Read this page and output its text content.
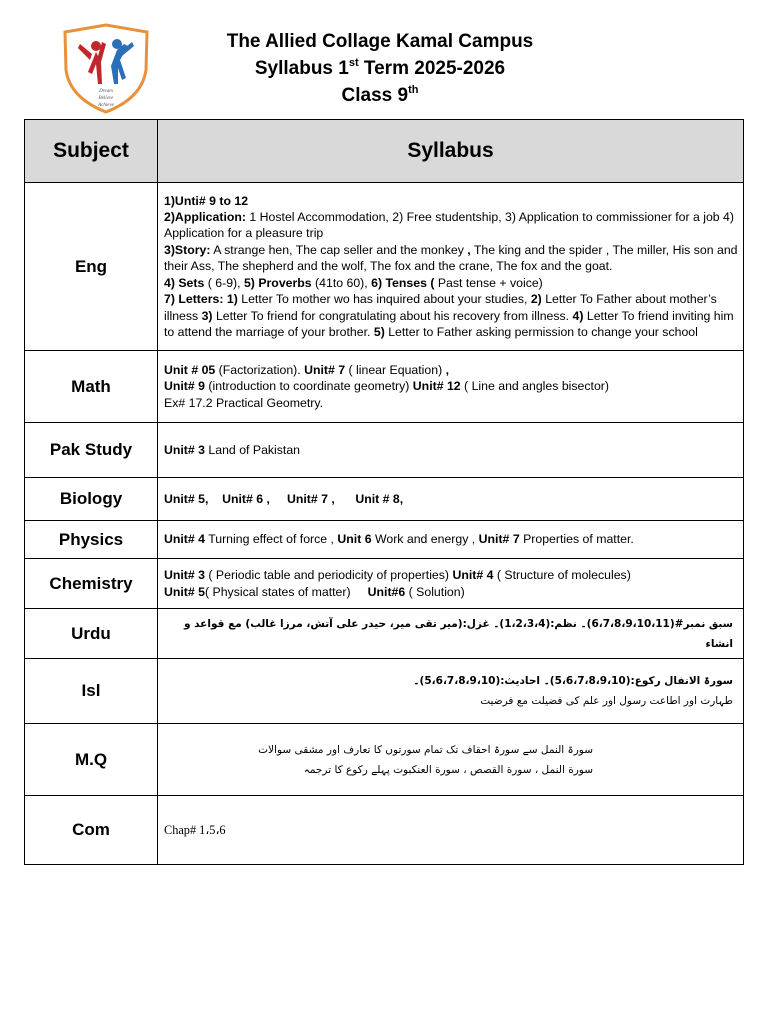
Dream
Believe
Achieve
The Allied Collage Kamal Campus
Syllabus 1st Term 2025-2026
Class 9th
Subject	Syllabus
Eng	1)Unti# 9 to 12
2)Application: 1 Hostel Accommodation, 2) Free studentship, 3) Application to commissioner for a job 4) Application for a pleasure trip
3)Story: A strange hen, The cap seller and the monkey , The king and the spider , The miller, His son and their Ass, The shepherd and the wolf, The fox and the crane, The fox and the goat.
4) Sets ( 6-9), 5) Proverbs (41to 60), 6) Tenses ( Past tense + voice)
7) Letters: 1) Letter To mother wo has inquired about your studies, 2) Letter To Father about mother’s illness 3) Letter To friend for congratulating about his recovery from illness. 4) Letter To friend inviting him to attend the marriage of your brother. 5) Letter to Father asking permission to change your school
Math	Unit # 05 (Factorization). Unit# 7 ( linear Equation) ,
Unit# 9 (introduction to coordinate geometry) Unit# 12 ( Line and angles bisector)
Ex# 17.2 Practical Geometry.
Pak Study	Unit# 3 Land of Pakistan
Biology	Unit# 5,    Unit# 6 ,     Unit# 7 ,      Unit # 8,
Physics	Unit# 4 Turning effect of force , Unit 6 Work and energy , Unit# 7 Properties of matter.
Chemistry	Unit# 3 ( Periodic table and periodicity of properties) Unit# 4 ( Structure of molecules)
Unit# 5( Physical states of matter)     Unit#6 ( Solution)
Urdu	سبق نمبر#(6،7،8،9،10،11)۔ نظم:(1،2،3،4)۔ غزل:(میر تقی میر، حیدر علی آتش، مرزا غالب) مع قواعد و انشاء
Isl	سورۃ الانفال رکوع:(5،6،7،8،9،10)۔ احادیث:(5،6،7،8،9،10)۔
طہارت اور اطاعت رسول اور علم کی فضیلت مع فرضیت
M.Q	سورۃ النمل سے سورۃ احقاف تک تمام سورتوں کا تعارف اور مشقی سوالات
سورة النمل ، سورة القصص ، سورة العنكبوت پہلے رکوع کا ترجمہ
Com	Chap# 1،5،6
